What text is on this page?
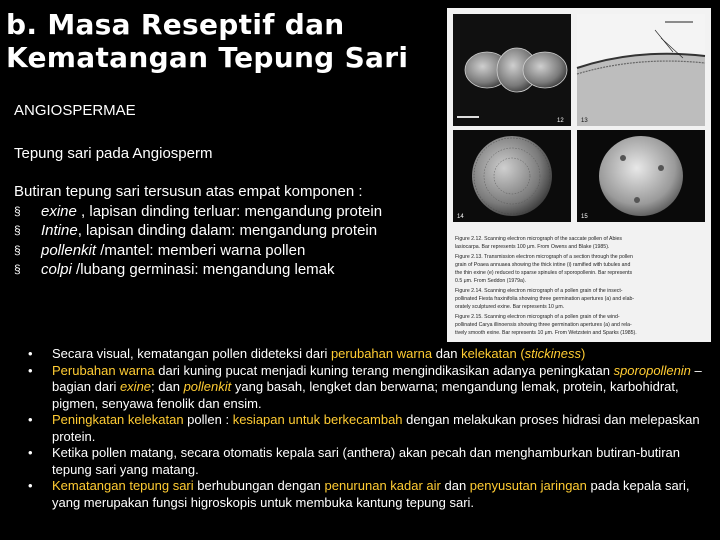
b. Masa Reseptif dan
Kematangan Tepung Sari
ANGIOSPERMAE
Tepung sari pada Angiosperm
Butiran tepung sari tersusun atas empat komponen :
§ exine , lapisan dinding terluar: mengandung protein
§ Intine, lapisan dinding dalam: mengandung protein
§ pollenkit /mantel: memberi warna pollen
§ colpi /lubang germinasi: mengandung lemak
12	13
14	15
Figure 2.12. Scanning electron micrograph of the saccate pollen of Abies
lasiocarpa. Bar represents 100 μm. From Owens and Blake (1985).
Figure 2.13. Transmission electron micrograph of a section through the pollen
grain of Poaea annuaea showing the thick intine (i) ramified with tubules and
the thin exine (e) reduced to sparse spinules of sporopollenin. Bar represents
0.5 μm. From Seddon (1979a).
Figure 2.14. Scanning electron micrograph of a pollen grain of the insect-
pollinated Fiesta fraxinifolia showing three germination apertures (a) and elab-
orately sculptured exine. Bar represents 10 μm.
Figure 2.15. Scanning electron micrograph of a pollen grain of the wind-
pollinated Carya illinoensis showing three germination apertures (a) and rela-
tively smooth exine. Bar represents 10 μm. From Wetzstein and Sparks (1985).
• Secara visual, kematangan pollen dideteksi dari perubahan warna dan kelekatan (stickiness)
• Perubahan warna dari kuning pucat menjadi kuning terang mengindikasikan adanya peningkatan sporopollenin – bagian dari exine; dan pollenkit yang basah, lengket dan berwarna; mengandung lemak, protein, karbohidrat, pigmen, senyawa fenolik dan ensim.
• Peningkatan kelekatan pollen : kesiapan untuk berkecambah dengan melakukan proses hidrasi dan melepaskan protein.
• Ketika pollen matang, secara otomatis kepala sari (anthera) akan pecah dan menghamburkan butiran-butiran tepung sari yang matang.
• Kematangan tepung sari berhubungan dengan penurunan kadar air dan penyusutan jaringan pada kepala sari, yang merupakan fungsi higroskopis untuk membuka kantung tepung sari.
